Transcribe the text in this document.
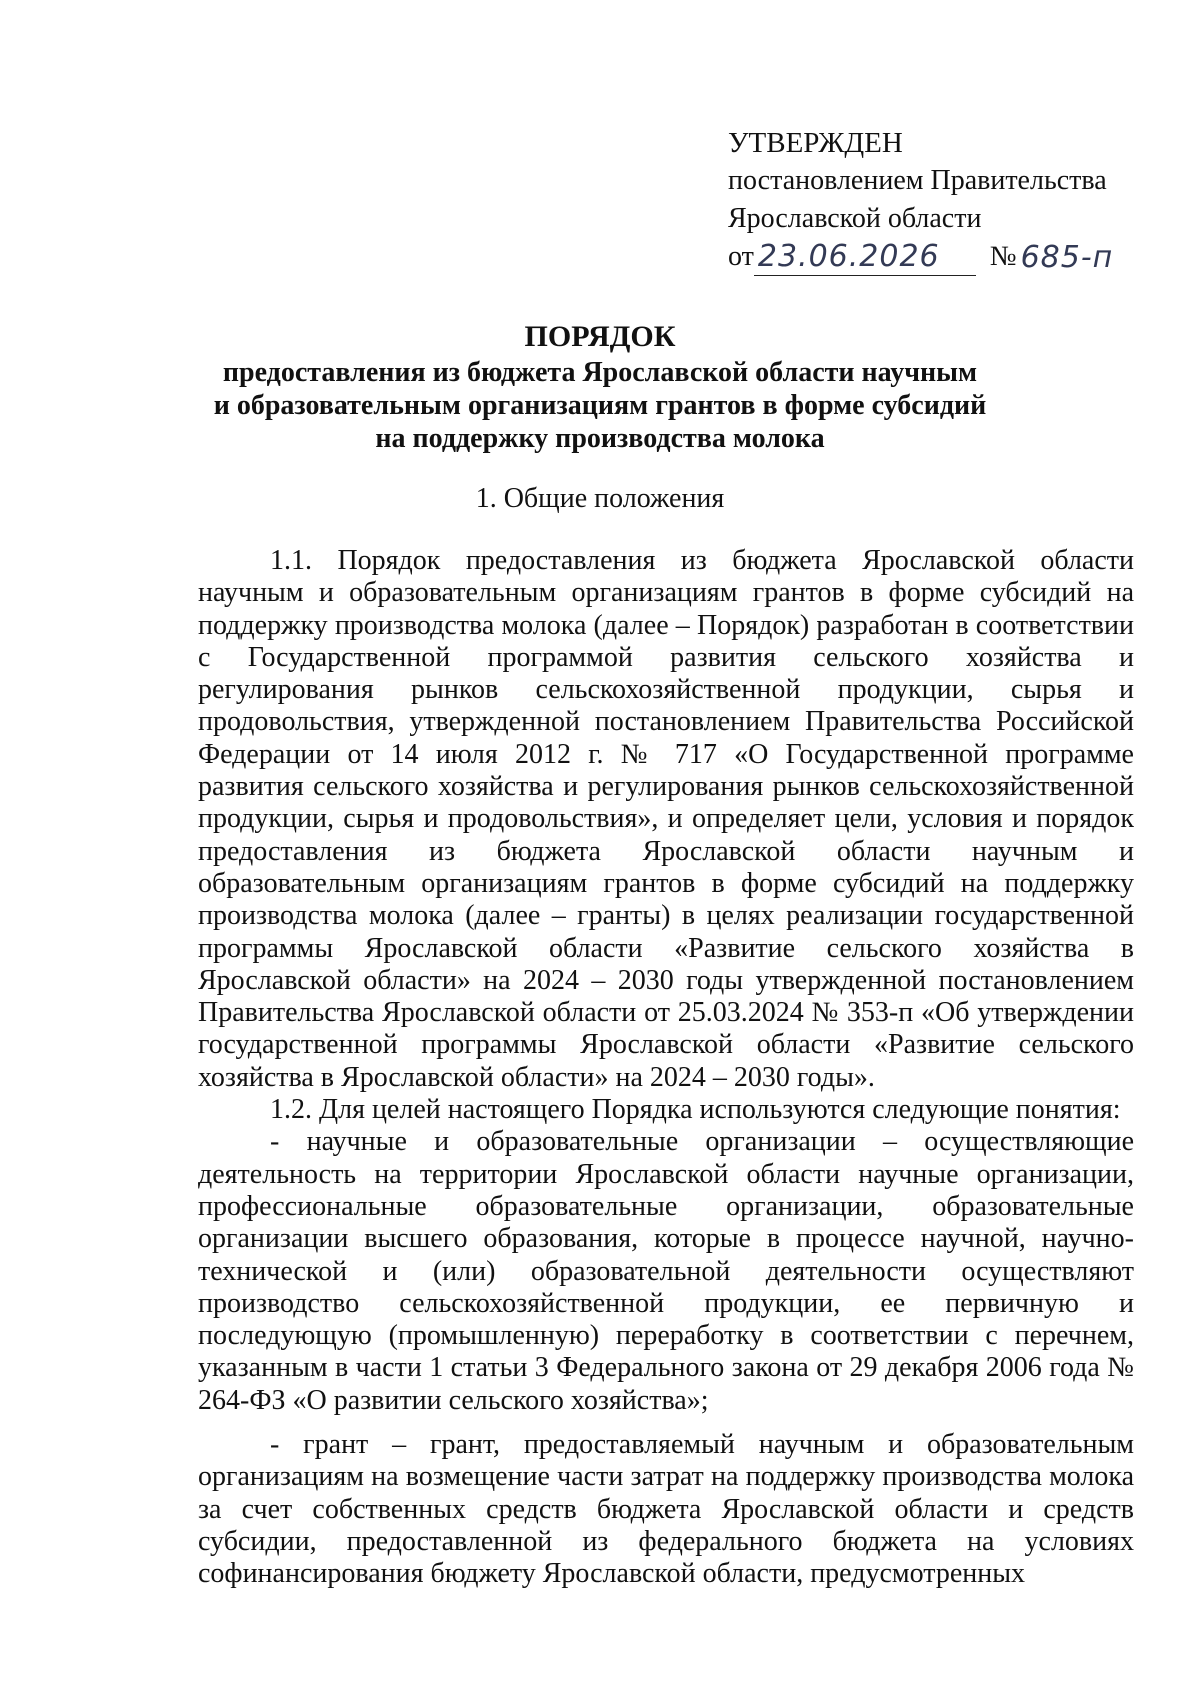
УТВЕРЖДЕН
постановлением Правительства
Ярославской области
от 23.06.2026	№ 685-п
ПОРЯДОК
предоставления из бюджета Ярославской области научным
и образовательным организациям грантов в форме субсидий
на поддержку производства молока
1. Общие положения

1.1. Порядок предоставления из бюджета Ярославской области научным и образовательным организациям грантов в форме субсидий на поддержку производства молока (далее – Порядок) разработан в соответствии с Государственной программой развития сельского хозяйства и регулирования рынков сельскохозяйственной продукции, сырья и продовольствия, утвержденной постановлением Правительства Российской Федерации от 14 июля 2012 г. № 717 «О Государственной программе развития сельского хозяйства и регулирования рынков сельскохозяйственной продукции, сырья и продовольствия», и определяет цели, условия и порядок предоставления из бюджета Ярославской области научным и образовательным организациям грантов в форме субсидий на поддержку производства молока (далее – гранты) в целях реализации государственной программы Ярославской области «Развитие сельского хозяйства в Ярославской области» на 2024 – 2030 годы утвержденной постановлением Правительства Ярославской области от 25.03.2024 № 353-п «Об утверждении государственной программы Ярославской области «Развитие сельского хозяйства в Ярославской области» на 2024 – 2030 годы».

1.2. Для целей настоящего Порядка используются следующие понятия:

- научные и образовательные организации – осуществляющие деятельность на территории Ярославской области научные организации, профессиональные образовательные организации, образовательные организации высшего образования, которые в процессе научной, научно-технической и (или) образовательной деятельности осуществляют производство сельскохозяйственной продукции, ее первичную и последующую (промышленную) переработку в соответствии с перечнем, указанным в части 1 статьи 3 Федерального закона от 29 декабря 2006 года № 264-ФЗ «О развитии сельского хозяйства»;

- грант – грант, предоставляемый научным и образовательным организациям на возмещение части затрат на поддержку производства молока за счет собственных средств бюджета Ярославской области и средств субсидии, предоставленной из федерального бюджета на условиях софинансирования бюджету Ярославской области, предусмотренных
